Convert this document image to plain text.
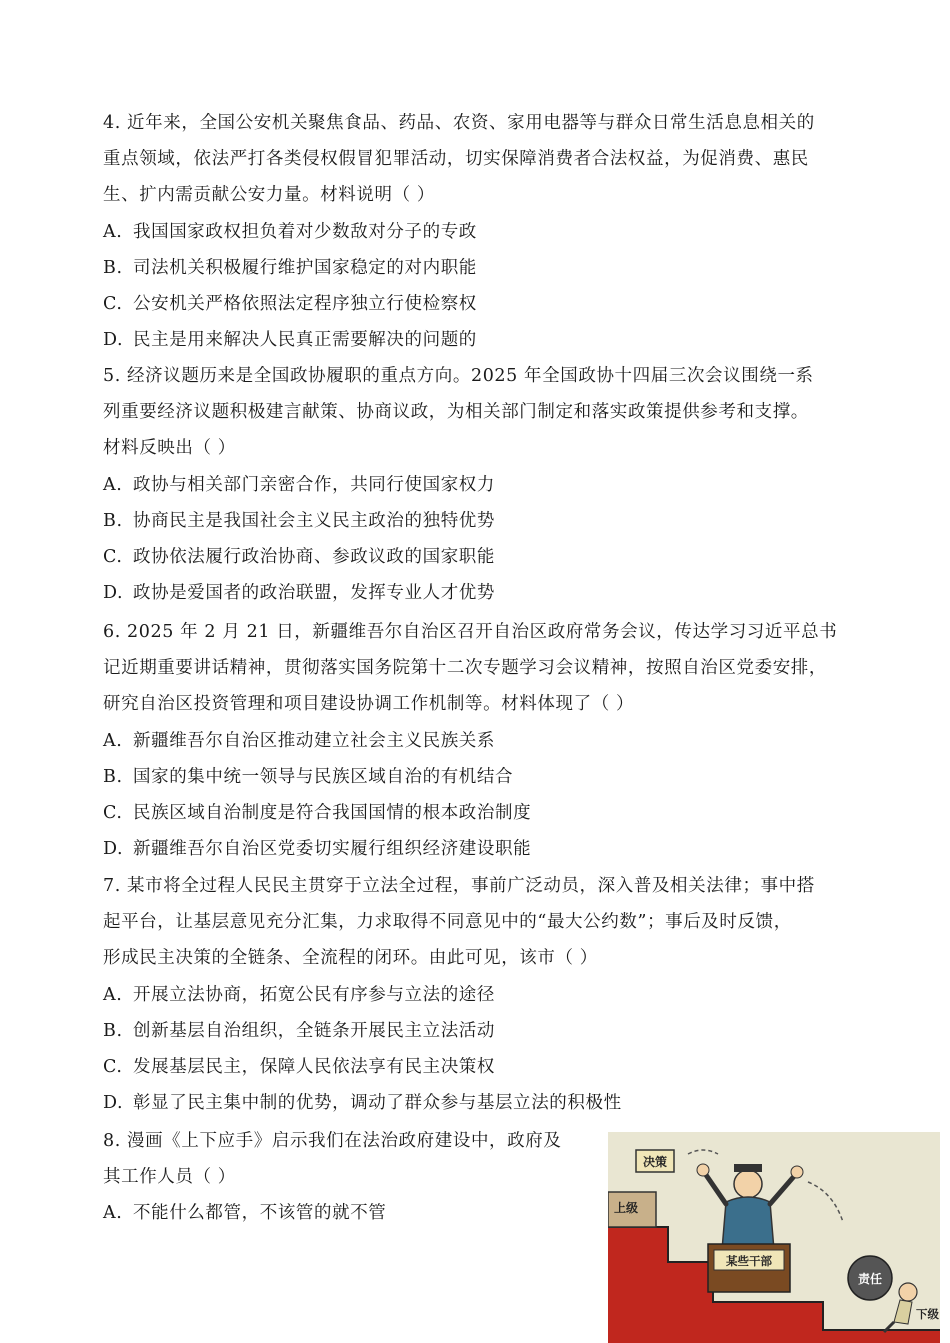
4. 近年来，全国公安机关聚焦食品、药品、农资、家用电器等与群众日常生活息息相关的
重点领域，依法严打各类侵权假冒犯罪活动，切实保障消费者合法权益，为促消费、惠民
生、扩内需贡献公安力量。材料说明（ ）
A. 我国国家政权担负着对少数敌对分子的专政
B. 司法机关积极履行维护国家稳定的对内职能
C. 公安机关严格依照法定程序独立行使检察权
D. 民主是用来解决人民真正需要解决的问题的
5. 经济议题历来是全国政协履职的重点方向。2025 年全国政协十四届三次会议围绕一系
列重要经济议题积极建言献策、协商议政，为相关部门制定和落实政策提供参考和支撑。
材料反映出（ ）
A. 政协与相关部门亲密合作，共同行使国家权力
B. 协商民主是我国社会主义民主政治的独特优势
C. 政协依法履行政治协商、参政议政的国家职能
D. 政协是爱国者的政治联盟，发挥专业人才优势
6. 2025 年 2 月 21 日，新疆维吾尔自治区召开自治区政府常务会议，传达学习习近平总书
记近期重要讲话精神，贯彻落实国务院第十二次专题学习会议精神，按照自治区党委安排，
研究自治区投资管理和项目建设协调工作机制等。材料体现了（ ）
A. 新疆维吾尔自治区推动建立社会主义民族关系
B. 国家的集中统一领导与民族区域自治的有机结合
C. 民族区域自治制度是符合我国国情的根本政治制度
D. 新疆维吾尔自治区党委切实履行组织经济建设职能
7. 某市将全过程人民民主贯穿于立法全过程，事前广泛动员，深入普及相关法律；事中搭
起平台，让基层意见充分汇集，力求取得不同意见中的“最大公约数”；事后及时反馈，
形成民主决策的全链条、全流程的闭环。由此可见，该市（ ）
A. 开展立法协商，拓宽公民有序参与立法的途径
B. 创新基层自治组织，全链条开展民主立法活动
C. 发展基层民主，保障人民依法享有民主决策权
D. 彰显了民主集中制的优势，调动了群众参与基层立法的积极性
8. 漫画《上下应手》启示我们在法治政府建设中，政府及
其工作人员（ ）
A. 不能什么都管，不该管的就不管
决策
上级
某些干部
责任
下级
